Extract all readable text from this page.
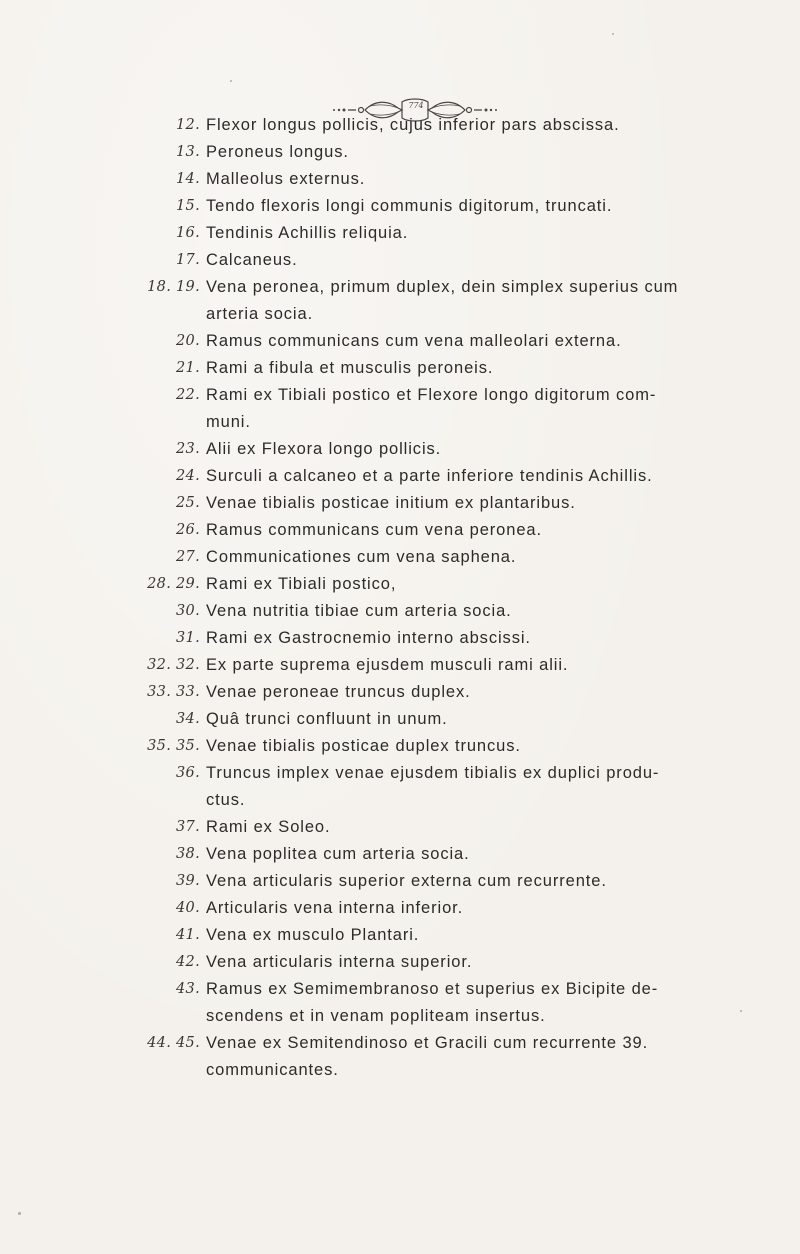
774
12. Flexor longus pollicis, cujus inferior pars abscissa.
13. Peroneus longus.
14. Malleolus externus.
15. Tendo flexoris longi communis digitorum, truncati.
16. Tendinis Achillis reliquia.
17. Calcaneus.
18. 19. Vena peronea, primum duplex, dein simplex superius cum
arteria socia.
20. Ramus communicans cum vena malleolari externa.
21. Rami a fibula et musculis peroneis.
22. Rami ex Tibiali postico et Flexore longo digitorum com-
muni.
23. Alii ex Flexora longo pollicis.
24. Surculi a calcaneo et a parte inferiore tendinis Achillis.
25. Venae tibialis posticae initium ex plantaribus.
26. Ramus communicans cum vena peronea.
27. Communicationes cum vena saphena.
28. 29. Rami ex Tibiali postico,
30. Vena nutritia tibiae cum arteria socia.
31. Rami ex Gastrocnemio interno abscissi.
32. 32. Ex parte suprema ejusdem musculi rami alii.
33. 33. Venae peroneae truncus duplex.
34. Quâ trunci confluunt in unum.
35. 35. Venae tibialis posticae duplex truncus.
36. Truncus implex venae ejusdem tibialis ex duplici produ-
ctus.
37. Rami ex Soleo.
38. Vena poplitea cum arteria socia.
39. Vena articularis superior externa cum recurrente.
40. Articularis vena interna inferior.
41. Vena ex musculo Plantari.
42. Vena articularis interna superior.
43. Ramus ex Semimembranoso et superius ex Bicipite de-
scendens et in venam popliteam insertus.
44. 45. Venae ex Semitendinoso et Gracili cum recurrente 39.
communicantes.
